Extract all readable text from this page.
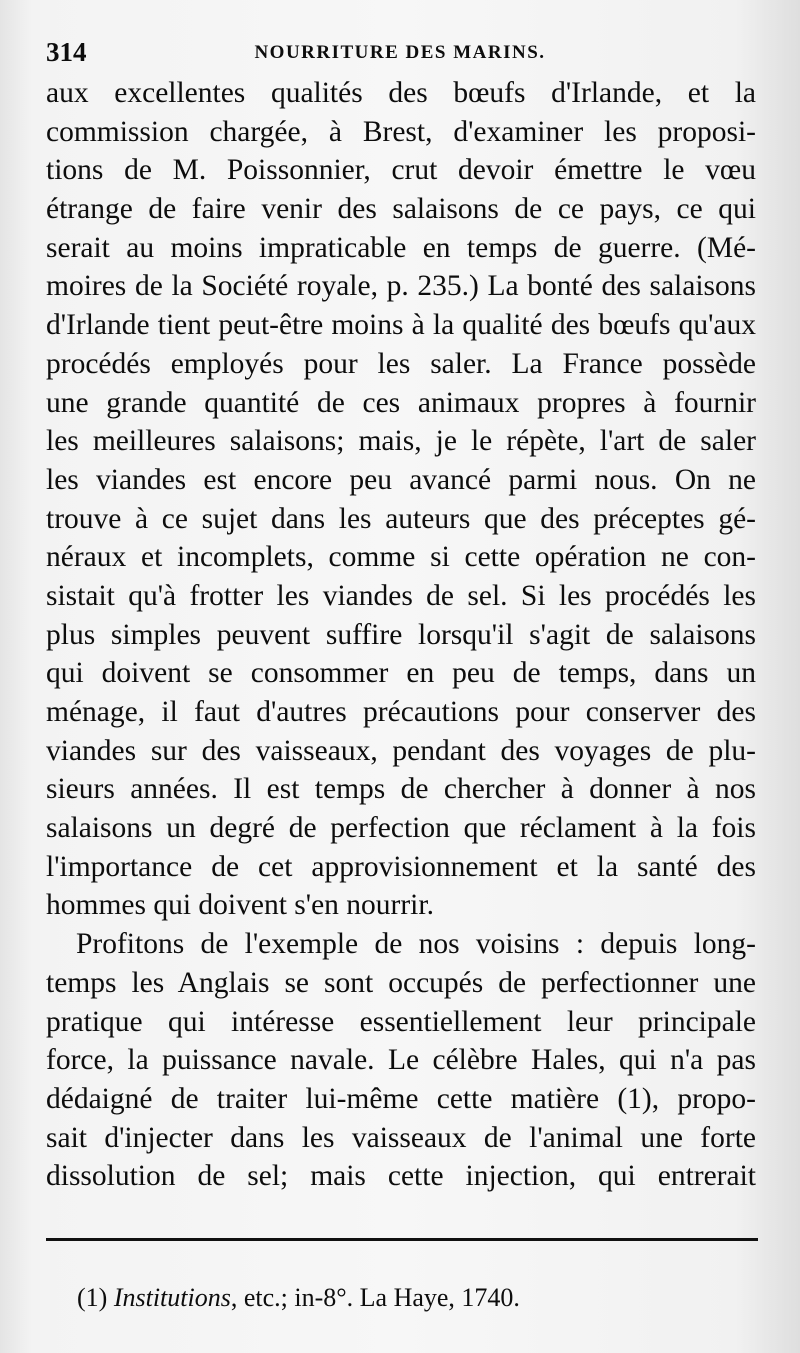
314	NOURRITURE DES MARINS.
aux excellentes qualités des bœufs d'Irlande, et la
commission chargée, à Brest, d'examiner les proposi-
tions de M. Poissonnier, crut devoir émettre le vœu
étrange de faire venir des salaisons de ce pays, ce qui
serait au moins impraticable en temps de guerre. (Mé-
moires de la Société royale, p. 235.) La bonté des salaisons
d'Irlande tient peut-être moins à la qualité des bœufs qu'aux
procédés employés pour les saler. La France possède
une grande quantité de ces animaux propres à fournir
les meilleures salaisons; mais, je le répète, l'art de saler
les viandes est encore peu avancé parmi nous. On ne
trouve à ce sujet dans les auteurs que des préceptes gé-
néraux et incomplets, comme si cette opération ne con-
sistait qu'à frotter les viandes de sel. Si les procédés les
plus simples peuvent suffire lorsqu'il s'agit de salaisons
qui doivent se consommer en peu de temps, dans un
ménage, il faut d'autres précautions pour conserver des
viandes sur des vaisseaux, pendant des voyages de plu-
sieurs années. Il est temps de chercher à donner à nos
salaisons un degré de perfection que réclament à la fois
l'importance de cet approvisionnement et la santé des
hommes qui doivent s'en nourrir.
Profitons de l'exemple de nos voisins : depuis long-
temps les Anglais se sont occupés de perfectionner une
pratique qui intéresse essentiellement leur principale
force, la puissance navale. Le célèbre Hales, qui n'a pas
dédaigné de traiter lui-même cette matière (1), propo-
sait d'injecter dans les vaisseaux de l'animal une forte
dissolution de sel; mais cette injection, qui entrerait
(1) Institutions, etc.; in-8°. La Haye, 1740.
